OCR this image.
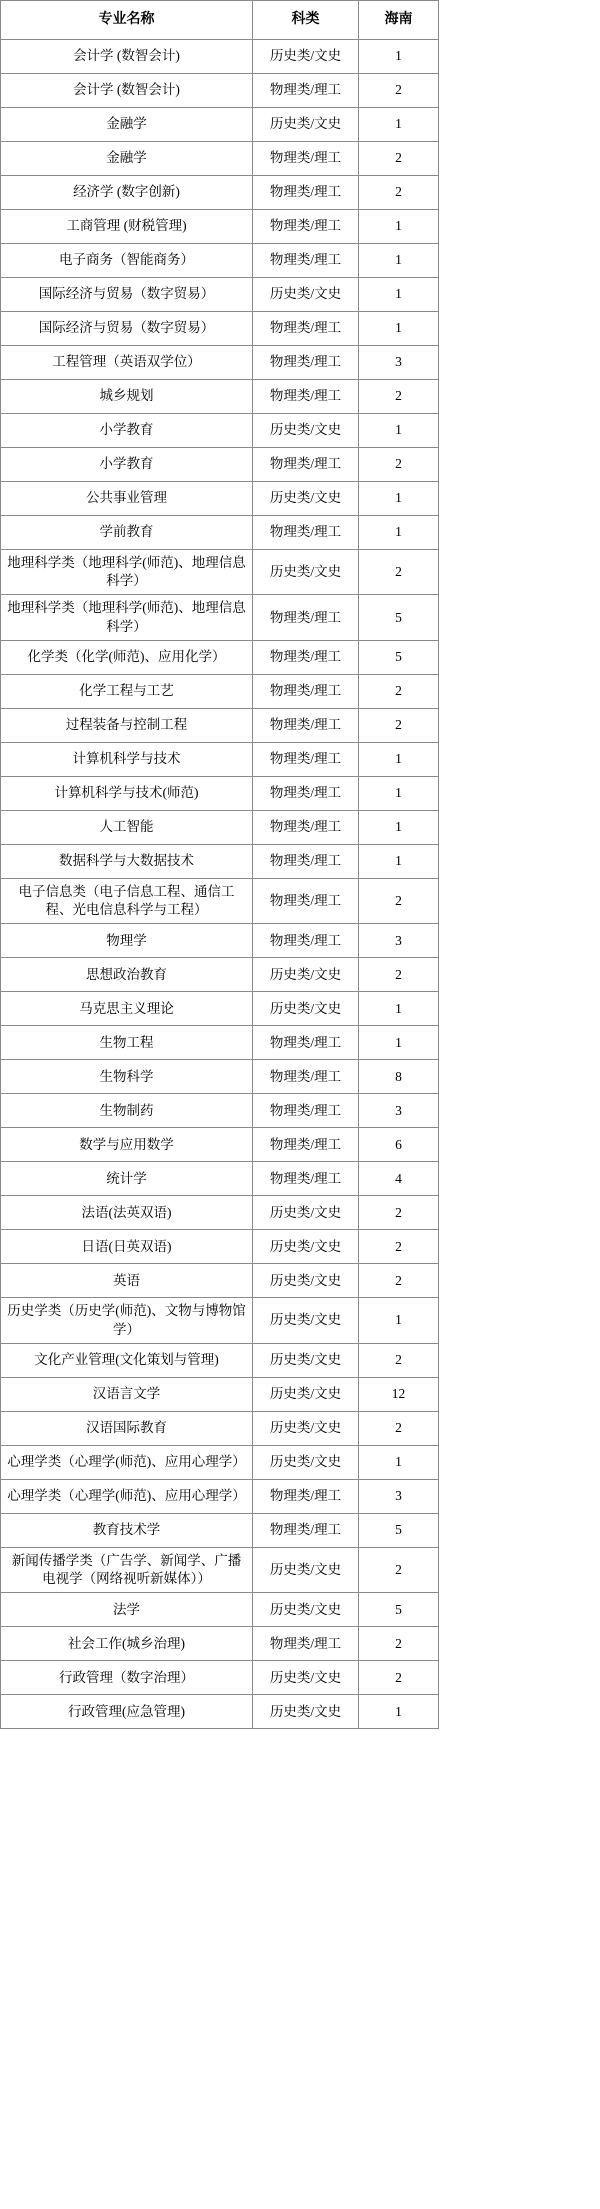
专业名称	科类	海南
会计学 (数智会计)	历史类/文史	1
会计学 (数智会计)	物理类/理工	2
金融学	历史类/文史	1
金融学	物理类/理工	2
经济学 (数字创新)	物理类/理工	2
工商管理 (财税管理)	物理类/理工	1
电子商务（智能商务）	物理类/理工	1
国际经济与贸易（数字贸易）	历史类/文史	1
国际经济与贸易（数字贸易）	物理类/理工	1
工程管理（英语双学位）	物理类/理工	3
城乡规划	物理类/理工	2
小学教育	历史类/文史	1
小学教育	物理类/理工	2
公共事业管理	历史类/文史	1
学前教育	物理类/理工	1
地理科学类（地理科学(师范)、地理信息科学）	历史类/文史	2
地理科学类（地理科学(师范)、地理信息科学）	物理类/理工	5
化学类（化学(师范)、应用化学）	物理类/理工	5
化学工程与工艺	物理类/理工	2
过程装备与控制工程	物理类/理工	2
计算机科学与技术	物理类/理工	1
计算机科学与技术(师范)	物理类/理工	1
人工智能	物理类/理工	1
数据科学与大数据技术	物理类/理工	1
电子信息类（电子信息工程、通信工程、光电信息科学与工程）	物理类/理工	2
物理学	物理类/理工	3
思想政治教育	历史类/文史	2
马克思主义理论	历史类/文史	1
生物工程	物理类/理工	1
生物科学	物理类/理工	8
生物制药	物理类/理工	3
数学与应用数学	物理类/理工	6
统计学	物理类/理工	4
法语(法英双语)	历史类/文史	2
日语(日英双语)	历史类/文史	2
英语	历史类/文史	2
历史学类（历史学(师范)、文物与博物馆学）	历史类/文史	1
文化产业管理(文化策划与管理)	历史类/文史	2
汉语言文学	历史类/文史	12
汉语国际教育	历史类/文史	2
心理学类（心理学(师范)、应用心理学）	历史类/文史	1
心理学类（心理学(师范)、应用心理学）	物理类/理工	3
教育技术学	物理类/理工	5
新闻传播学类（广告学、新闻学、广播电视学（网络视听新媒体））	历史类/文史	2
法学	历史类/文史	5
社会工作(城乡治理)	物理类/理工	2
行政管理（数字治理）	历史类/文史	2
行政管理(应急管理)	历史类/文史	1
